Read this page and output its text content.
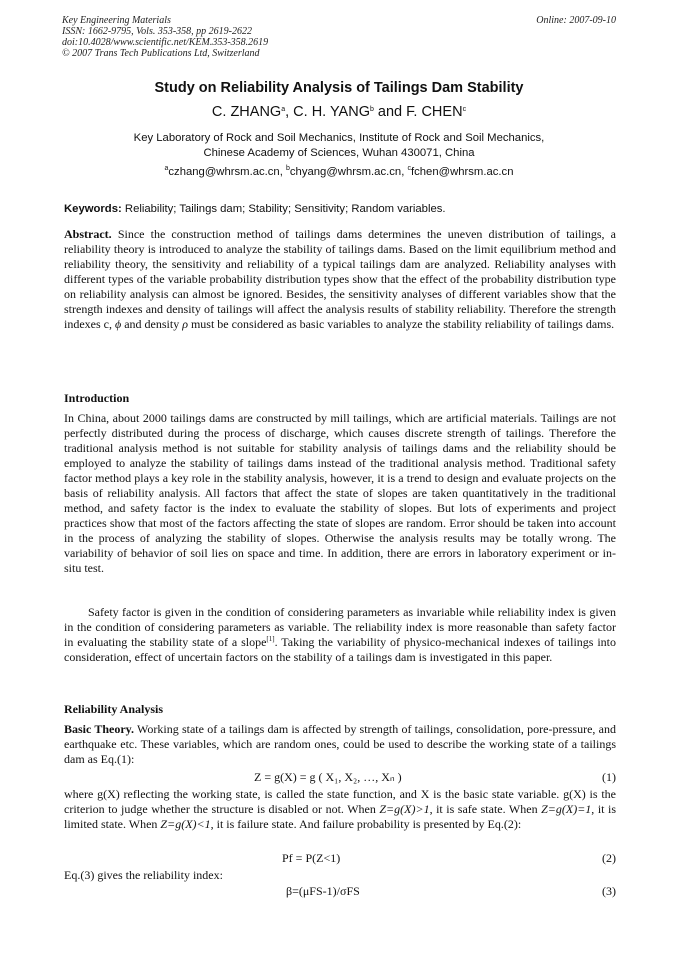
Key Engineering Materials
ISSN: 1662-9795, Vols. 353-358, pp 2619-2622
doi:10.4028/www.scientific.net/KEM.353-358.2619
© 2007 Trans Tech Publications Ltd, Switzerland
Online: 2007-09-10
Study on Reliability Analysis of Tailings Dam Stability
C. ZHANG$^a$, C. H. YANG$^b$ and F. CHEN$^c$
Key Laboratory of Rock and Soil Mechanics, Institute of Rock and Soil Mechanics,
Chinese Academy of Sciences, Wuhan 430071, China
$^a$czhang@whrsm.ac.cn, $^b$chyang@whrsm.ac.cn, $^c$fchen@whrsm.ac.cn
Keywords: Reliability; Tailings dam; Stability; Sensitivity; Random variables.
Abstract. Since the construction method of tailings dams determines the uneven distribution of tailings, a reliability theory is introduced to analyze the stability of tailings dams. Based on the limit equilibrium method and reliability theory, the sensitivity and reliability of a typical tailings dam are analyzed. Reliability analyses with different types of the variable probability distribution types show that the effect of the probability distribution type on reliability analysis can almost be ignored. Besides, the sensitivity analyses of different variables show that the strength indexes and density of tailings will affect the analysis results of stability reliability. Therefore the strength indexes c, ϕ and density ρ must be considered as basic variables to analyze the stability reliability of tailings dams.
Introduction
In China, about 2000 tailings dams are constructed by mill tailings, which are artificial materials. Tailings are not perfectly distributed during the process of discharge, which causes discrete strength of tailings. Therefore the traditional analysis method is not suitable for stability analysis of tailings dams and the reliability should be employed to analyze the stability of tailings dams instead of the traditional analysis method. Traditional safety factor method plays a key role in the stability analysis, however, it is a trend to design and evaluate projects on the basis of reliability analysis. All factors that affect the state of slopes are taken quantitatively in the traditional method, and safety factor is the index to evaluate the stability of slopes. But lots of experiments and project practices show that most of the factors affecting the state of slopes are random. Error should be taken into account in the process of analyzing the stability of slopes. Otherwise the analysis results may be totally wrong. The variability of behavior of soil lies on space and time. In addition, there are errors in laboratory experiment or in-situ test.
Safety factor is given in the condition of considering parameters as invariable while reliability index is given in the condition of considering parameters as variable. The reliability index is more reasonable than safety factor in evaluating the stability state of a slope[1]. Taking the variability of physico-mechanical indexes of tailings into consideration, effect of uncertain factors on the stability of a tailings dam is investigated in this paper.
Reliability Analysis
Basic Theory. Working state of a tailings dam is affected by strength of tailings, consolidation, pore-pressure, and earthquake etc. These variables, which are random ones, could be used to describe the working state of a tailings dam as Eq.(1):
Z = g(X) = g ( X₁, X₂, …, Xₙ )	(1)
where g(X) reflecting the working state, is called the state function, and X is the basic state variable. g(X) is the criterion to judge whether the structure is disabled or not. When Z=g(X)>1, it is safe state. When Z=g(X)=1, it is limited state. When Z=g(X)<1, it is failure state. And failure probability is presented by Eq.(2):
Pf = P(Z<1)	(2)
Eq.(3) gives the reliability index:
β=(μFS-1)/σFS	(3)
